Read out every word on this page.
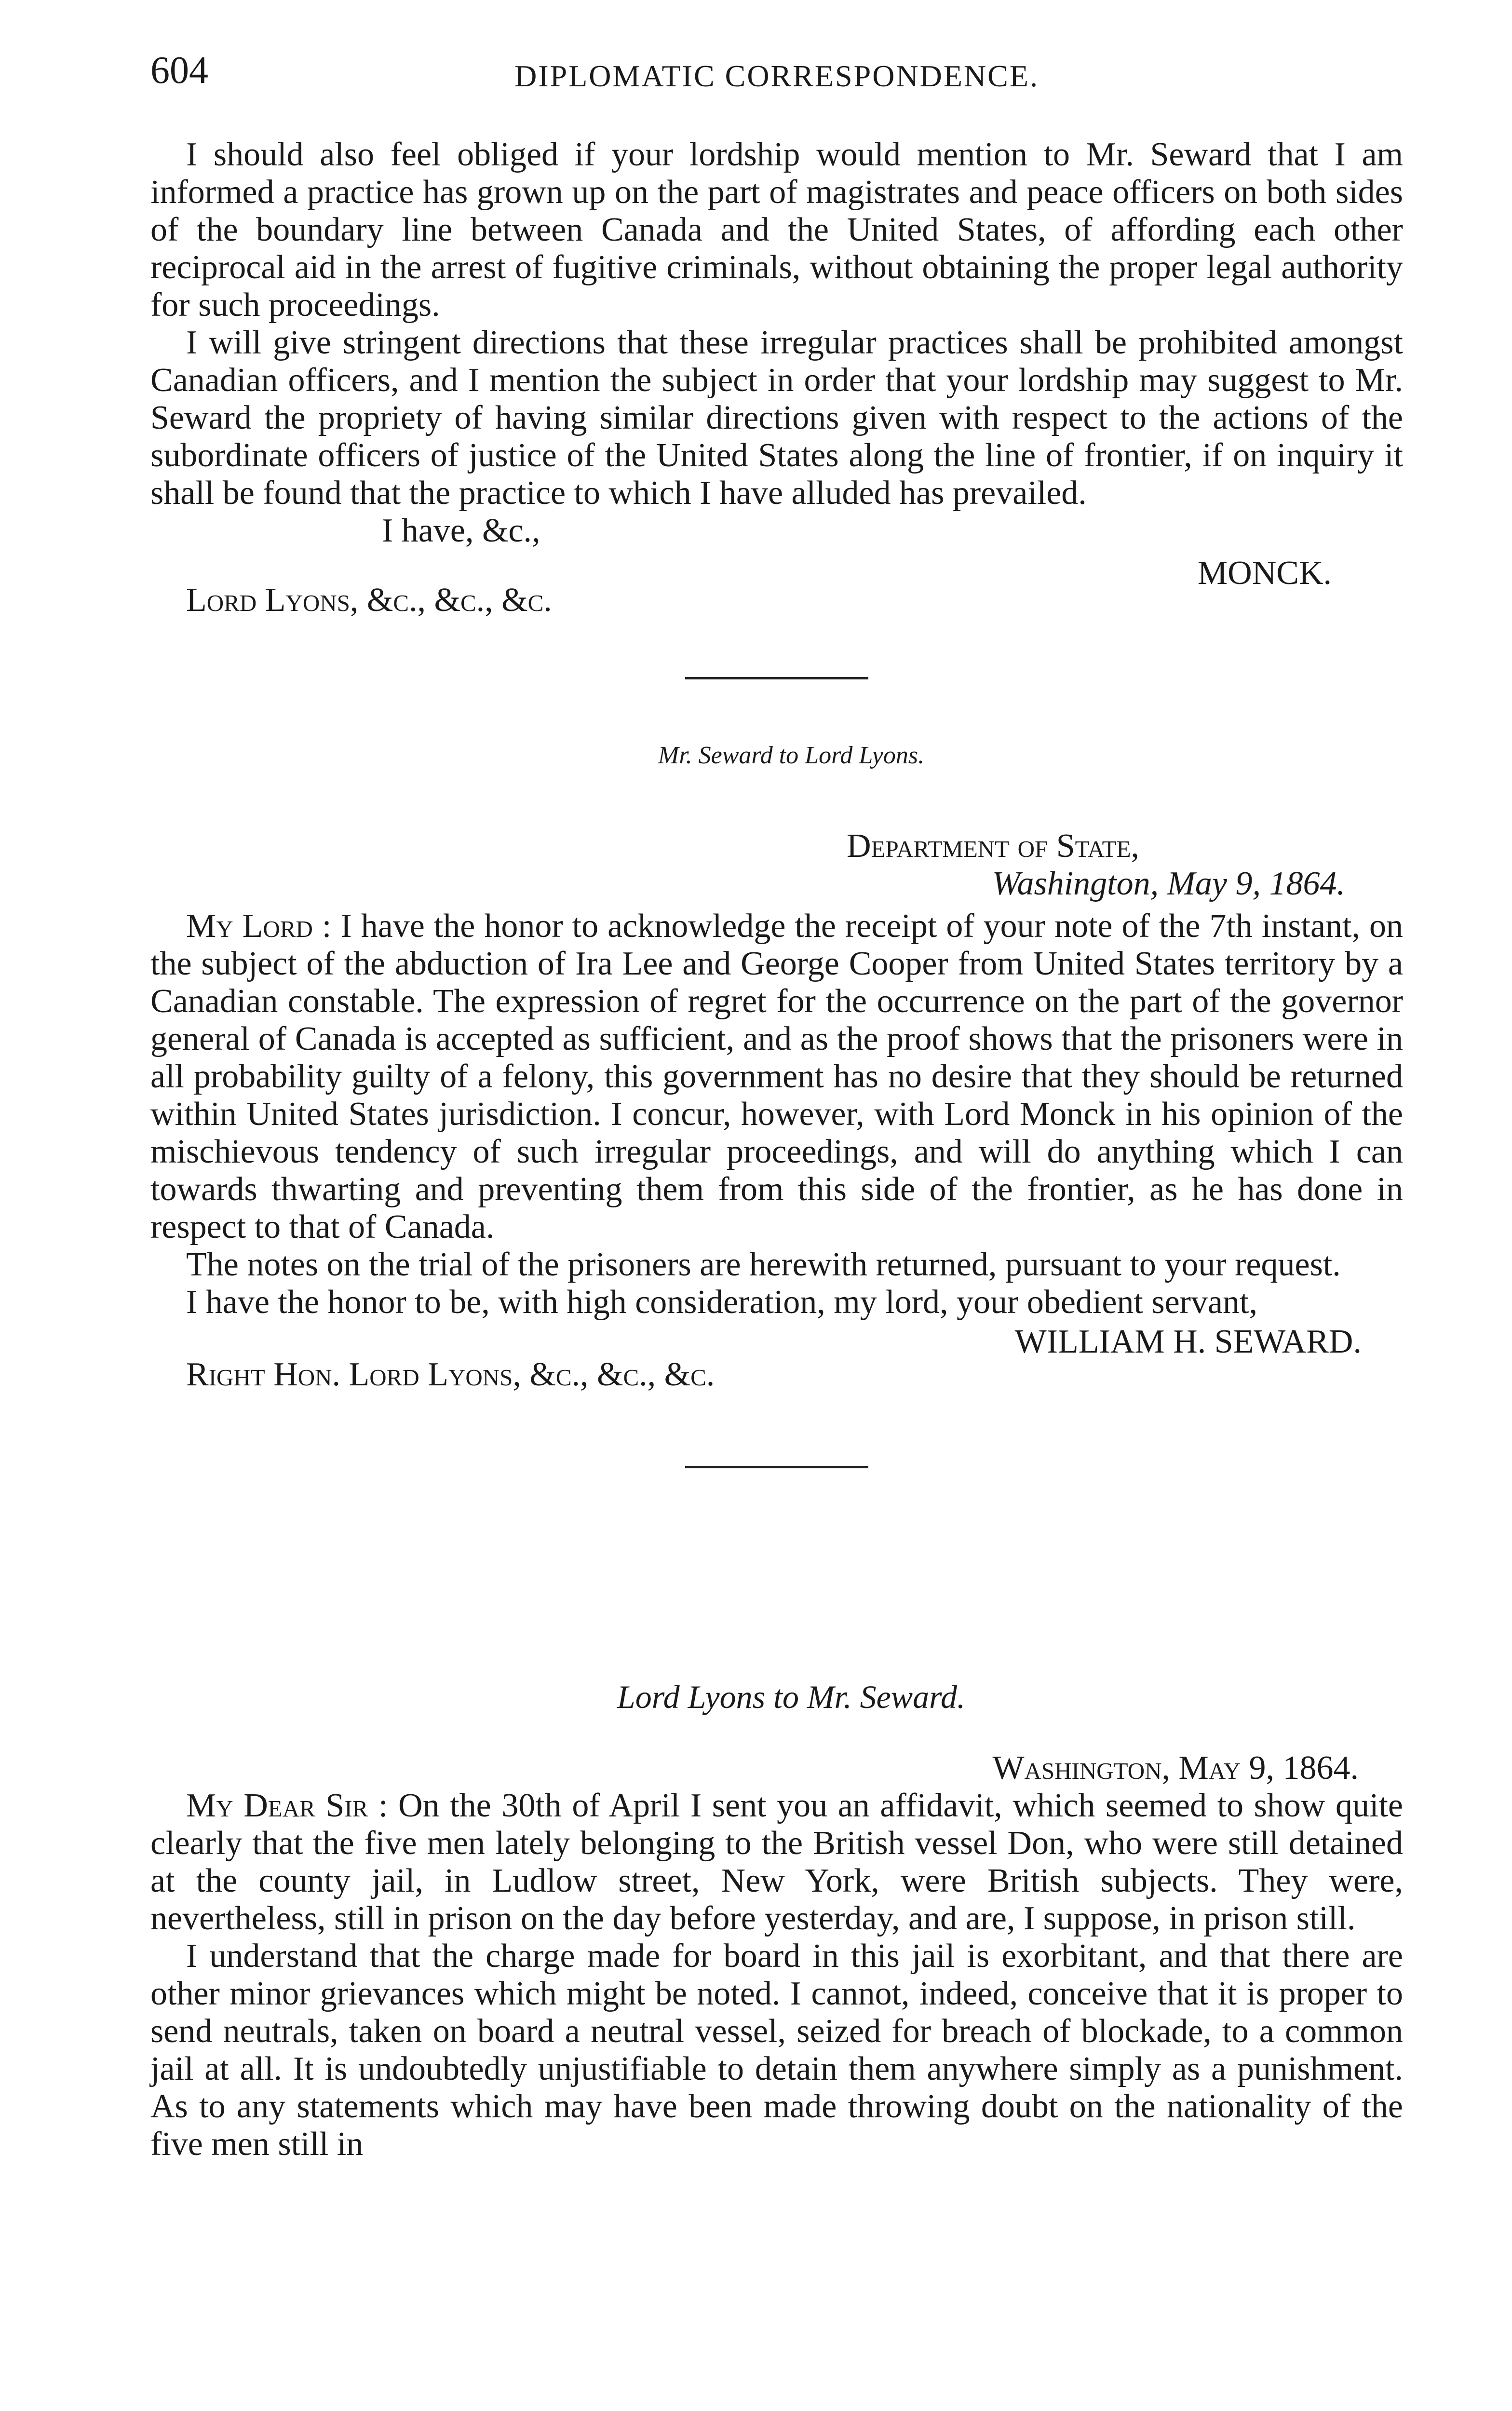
604	DIPLOMATIC CORRESPONDENCE.

I should also feel obliged if your lordship would mention to Mr. Seward that I am informed a practice has grown up on the part of magistrates and peace officers on both sides of the boundary line between Canada and the United States, of affording each other reciprocal aid in the arrest of fugitive criminals, without obtaining the proper legal authority for such proceedings.

I will give stringent directions that these irregular practices shall be prohibited amongst Canadian officers, and I mention the subject in order that your lordship may suggest to Mr. Seward the propriety of having similar directions given with respect to the actions of the subordinate officers of justice of the United States along the line of frontier, if on inquiry it shall be found that the practice to which I have alluded has prevailed.

I have, &c.,
MONCK.
Lord Lyons, &c., &c., &c.
Mr. Seward to Lord Lyons.
Department of State,
Washington, May 9, 1864.

My Lord : I have the honor to acknowledge the receipt of your note of the 7th instant, on the subject of the abduction of Ira Lee and George Cooper from United States territory by a Canadian constable. The expression of regret for the occurrence on the part of the governor general of Canada is accepted as sufficient, and as the proof shows that the prisoners were in all probability guilty of a felony, this government has no desire that they should be returned within United States jurisdiction. I concur, however, with Lord Monck in his opinion of the mischievous tendency of such irregular proceedings, and will do anything which I can towards thwarting and preventing them from this side of the frontier, as he has done in respect to that of Canada.

The notes on the trial of the prisoners are herewith returned, pursuant to your request.

I have the honor to be, with high consideration, my lord, your obedient servant,

WILLIAM H. SEWARD.
Right Hon. Lord Lyons, &c., &c., &c.
Lord Lyons to Mr. Seward.
Washington, May 9, 1864.

My Dear Sir : On the 30th of April I sent you an affidavit, which seemed to show quite clearly that the five men lately belonging to the British vessel Don, who were still detained at the county jail, in Ludlow street, New York, were British subjects. They were, nevertheless, still in prison on the day before yesterday, and are, I suppose, in prison still.

I understand that the charge made for board in this jail is exorbitant, and that there are other minor grievances which might be noted. I cannot, indeed, conceive that it is proper to send neutrals, taken on board a neutral vessel, seized for breach of blockade, to a common jail at all. It is undoubtedly unjustifiable to detain them anywhere simply as a punishment. As to any statements which may have been made throwing doubt on the nationality of the five men still in
